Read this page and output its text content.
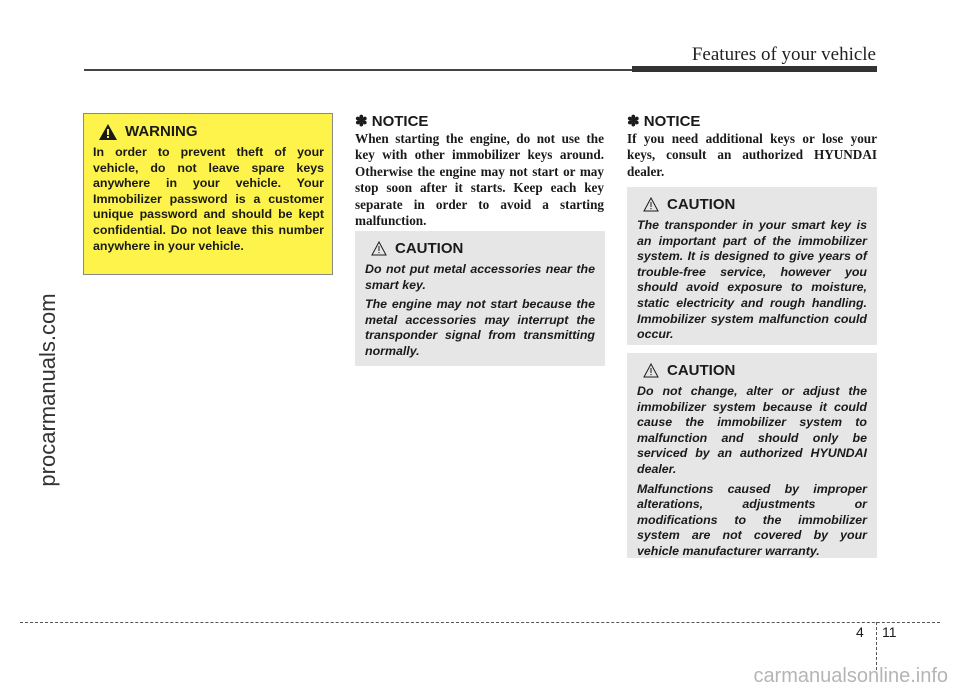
Features of your vehicle
procarmanuals.com
WARNING
In order to prevent theft of your vehicle, do not leave spare keys anywhere in your vehicle. Your Immobilizer password is a customer unique password and should be kept confidential. Do not leave this number anywhere in your vehicle.
✽ NOTICE
When starting the engine, do not use the key with other immobilizer keys around. Otherwise the engine may not start or may stop soon after it starts. Keep each key separate in order to avoid a starting malfunction.
CAUTION

Do not put metal accessories near the smart key.

The engine may not start because the metal accessories may interrupt the transponder signal from transmitting normally.

✽ NOTICE
If you need additional keys or lose your keys, consult an authorized HYUNDAI dealer.
CAUTION

The transponder in your smart key is an important part of the immobilizer system. It is designed to give years of trouble-free service, however you should avoid exposure to moisture, static electricity and rough handling. Immobilizer system malfunction could occur.

CAUTION

Do not change, alter or adjust the immobilizer system because it could cause the immobilizer system to malfunction and should only be serviced by an authorized HYUNDAI dealer.

Malfunctions caused by improper alterations, adjustments or modifications to the immobilizer system are not covered by your vehicle manufacturer warranty.

4 11
carmanualsonline.info
